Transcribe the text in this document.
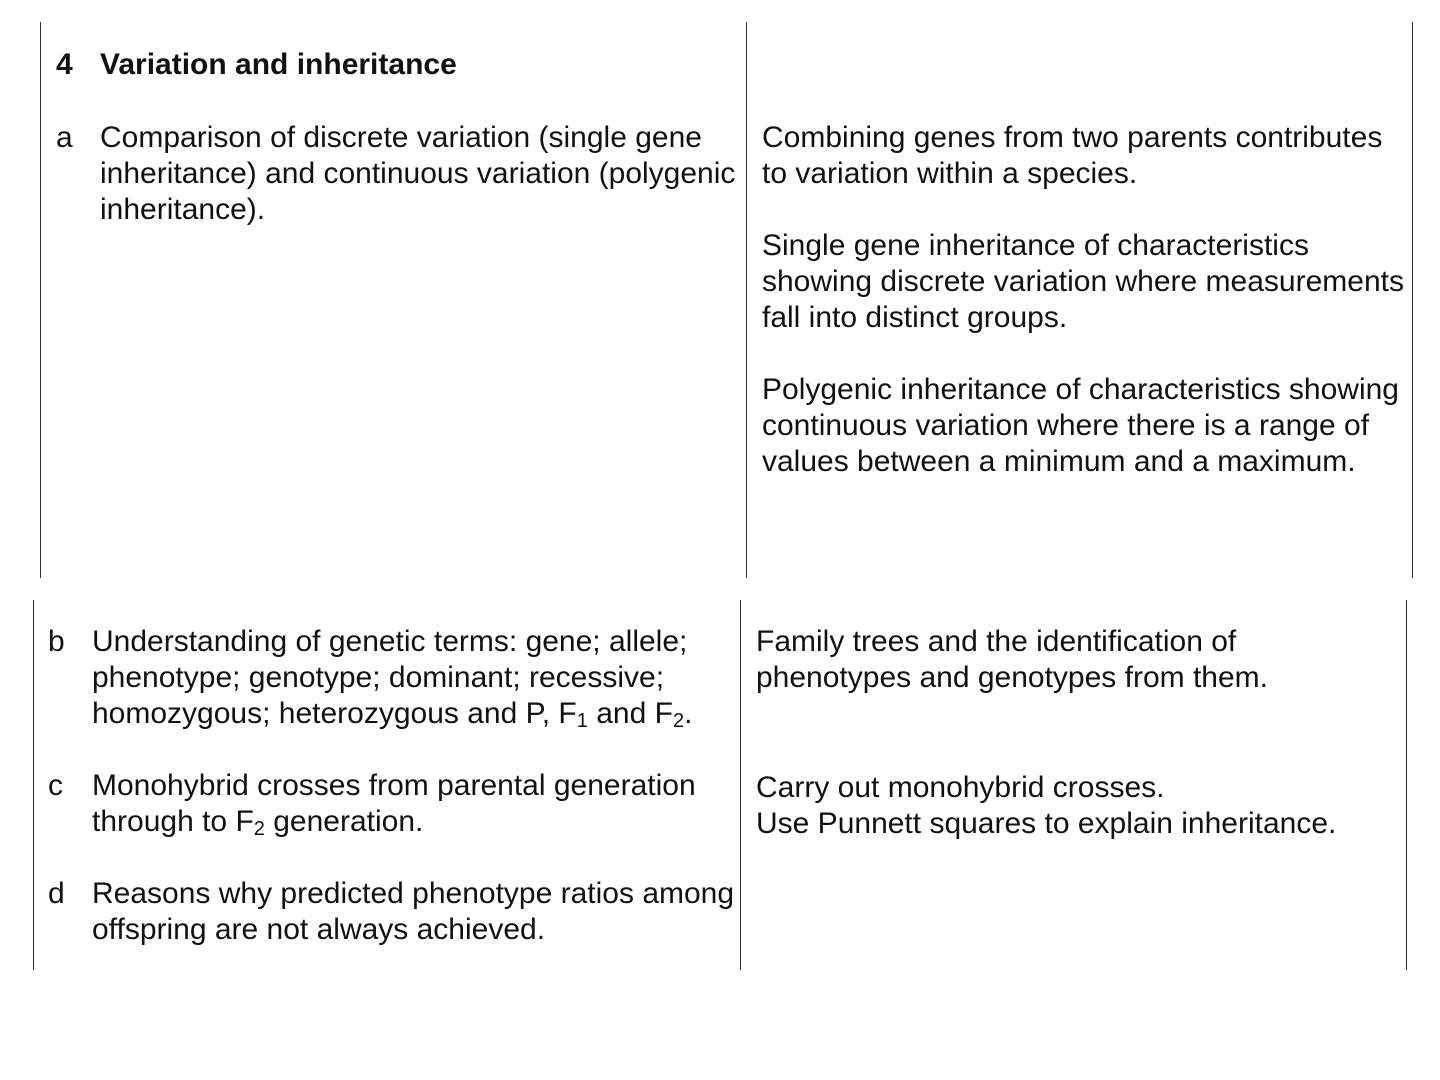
4 Variation and inheritance
a Comparison of discrete variation (single gene inheritance) and continuous variation (polygenic inheritance).

Combining genes from two parents contributes to variation within a species.

Single gene inheritance of characteristics showing discrete variation where measurements fall into distinct groups.

Polygenic inheritance of characteristics showing continuous variation where there is a range of values between a minimum and a maximum.

b Understanding of genetic terms: gene; allele; phenotype; genotype; dominant; recessive; homozygous; heterozygous and P, $F_1$ and $F_2$.
c Monohybrid crosses from parental generation through to $F_2$ generation.
d Reasons why predicted phenotype ratios among offspring are not always achieved.
Family trees and the identification of phenotypes and genotypes from them.
Carry out monohybrid crosses.
Use Punnett squares to explain inheritance.
